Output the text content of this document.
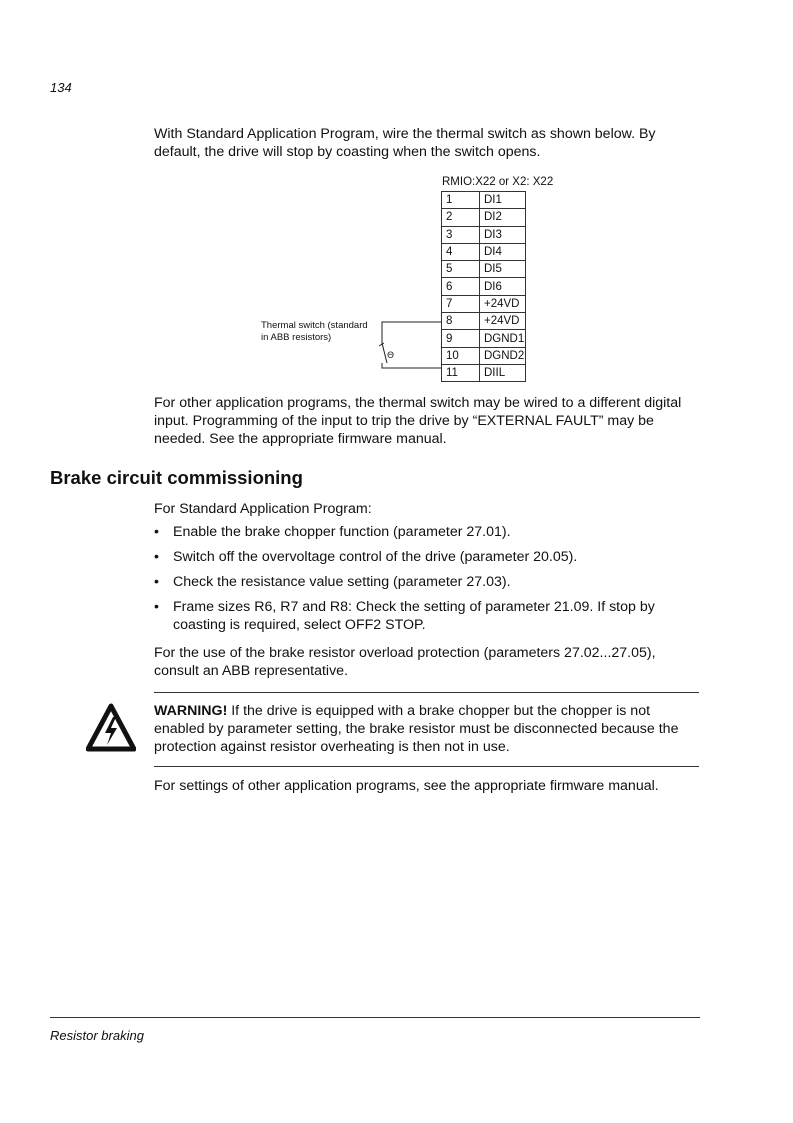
134
With Standard Application Program, wire the thermal switch as shown below. By default, the drive will stop by coasting when the switch opens.
RMIO:X22 or X2: X22
1	DI1
2	DI2
3	DI3
4	DI4
5	DI5
6	DI6
7	+24VD
8	+24VD
9	DGND1
10	DGND2
11	DIIL
Thermal switch (standard
in ABB resistors)
Θ
For other application programs, the thermal switch may be wired to a different digital input. Programming of the input to trip the drive by “EXTERNAL FAULT” may be needed. See the appropriate firmware manual.
Brake circuit commissioning
For Standard Application Program:
• Enable the brake chopper function (parameter 27.01).
• Switch off the overvoltage control of the drive (parameter 20.05).
• Check the resistance value setting (parameter 27.03).
• Frame sizes R6, R7 and R8: Check the setting of parameter 21.09. If stop by coasting is required, select OFF2 STOP.
For the use of the brake resistor overload protection (parameters 27.02...27.05), consult an ABB representative.
WARNING! If the drive is equipped with a brake chopper but the chopper is not enabled by parameter setting, the brake resistor must be disconnected because the protection against resistor overheating is then not in use.
For settings of other application programs, see the appropriate firmware manual.
Resistor braking
